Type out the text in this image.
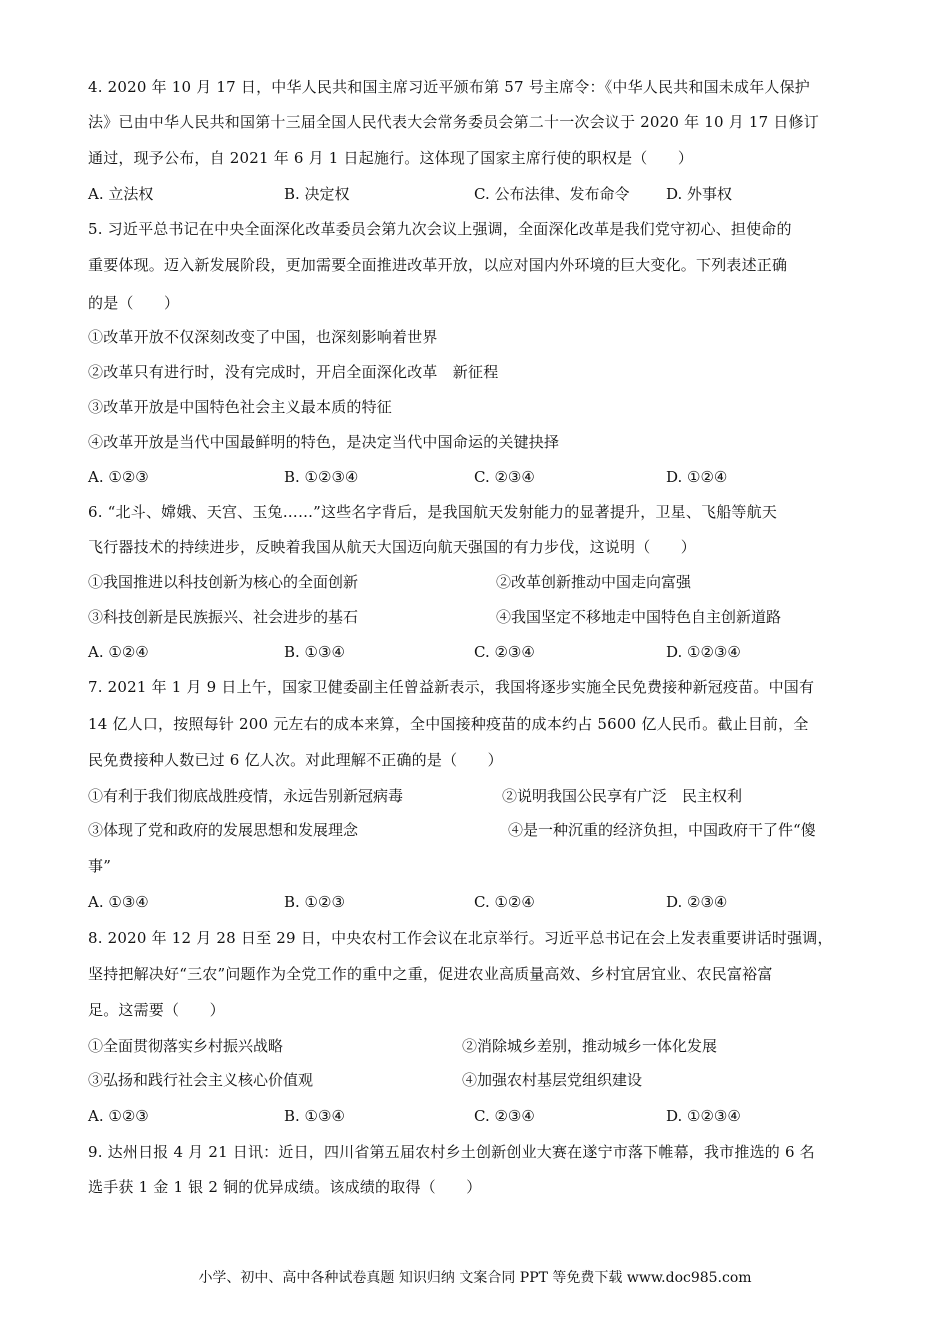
4. 2020 年 10 月 17 日，中华人民共和国主席习近平颁布第 57 号主席令：《中华人民共和国未成年人保护
法》已由中华人民共和国第十三届全国人民代表大会常务委员会第二十一次会议于 2020 年 10 月 17 日修订
通过，现予公布，自 2021 年 6 月 1 日起施行。这体现了国家主席行使的职权是（　　）
A. 立法权	B. 决定权	C. 公布法律、发布命令 D. 外事权
5. 习近平总书记在中央全面深化改革委员会第九次会议上强调，全面深化改革是我们党守初心、担使命的
重要体现。迈入新发展阶段，更加需要全面推进改革开放，以应对国内外环境的巨大变化。下列表述正确
的是（　　）
①改革开放不仅深刻改变了中国，也深刻影响着世界
②改革只有进行时，没有完成时，开启全面深化改革　新征程
③改革开放是中国特色社会主义最本质的特征
④改革开放是当代中国最鲜明的特色，是决定当代中国命运的关键抉择
A. ①②③	B. ①②③④	C. ②③④	D. ①②④
6. “北斗、嫦娥、天宫、玉兔……”这些名字背后，是我国航天发射能力的显著提升，卫星、飞船等航天
飞行器技术的持续进步，反映着我国从航天大国迈向航天强国的有力步伐，这说明（　　）
①我国推进以科技创新为核心的全面创新	②改革创新推动中国走向富强
③科技创新是民族振兴、社会进步的基石	④我国坚定不移地走中国特色自主创新道路
A. ①②④	B. ①③④	C. ②③④	D. ①②③④
7. 2021 年 1 月 9 日上午，国家卫健委副主任曾益新表示，我国将逐步实施全民免费接种新冠疫苗。中国有
14 亿人口，按照每针 200 元左右的成本来算，全中国接种疫苗的成本约占 5600 亿人民币。截止目前，全
民免费接种人数已过 6 亿人次。对此理解不正确的是（　　）
①有利于我们彻底战胜疫情，永远告别新冠病毒	②说明我国公民享有广泛　民主权利
③体现了党和政府的发展思想和发展理念	④是一种沉重的经济负担，中国政府干了件“傻
事”
A. ①③④	B. ①②③	C. ①②④	D. ②③④
8. 2020 年 12 月 28 日至 29 日，中央农村工作会议在北京举行。习近平总书记在会上发表重要讲话时强调，
坚持把解决好“三农”问题作为全党工作的重中之重，促进农业高质量高效、乡村宜居宜业、农民富裕富
足。这需要（　　）
①全面贯彻落实乡村振兴战略	②消除城乡差别，推动城乡一体化发展
③弘扬和践行社会主义核心价值观	④加强农村基层党组织建设
A. ①②③	B. ①③④	C. ②③④	D. ①②③④
9. 达州日报 4 月 21 日讯：近日，四川省第五届农村乡土创新创业大赛在遂宁市落下帷幕，我市推选的 6 名
选手获 1 金 1 银 2 铜的优异成绩。该成绩的取得（　　）
小学、初中、高中各种试卷真题 知识归纳 文案合同 PPT 等免费下载 www.doc985.com
